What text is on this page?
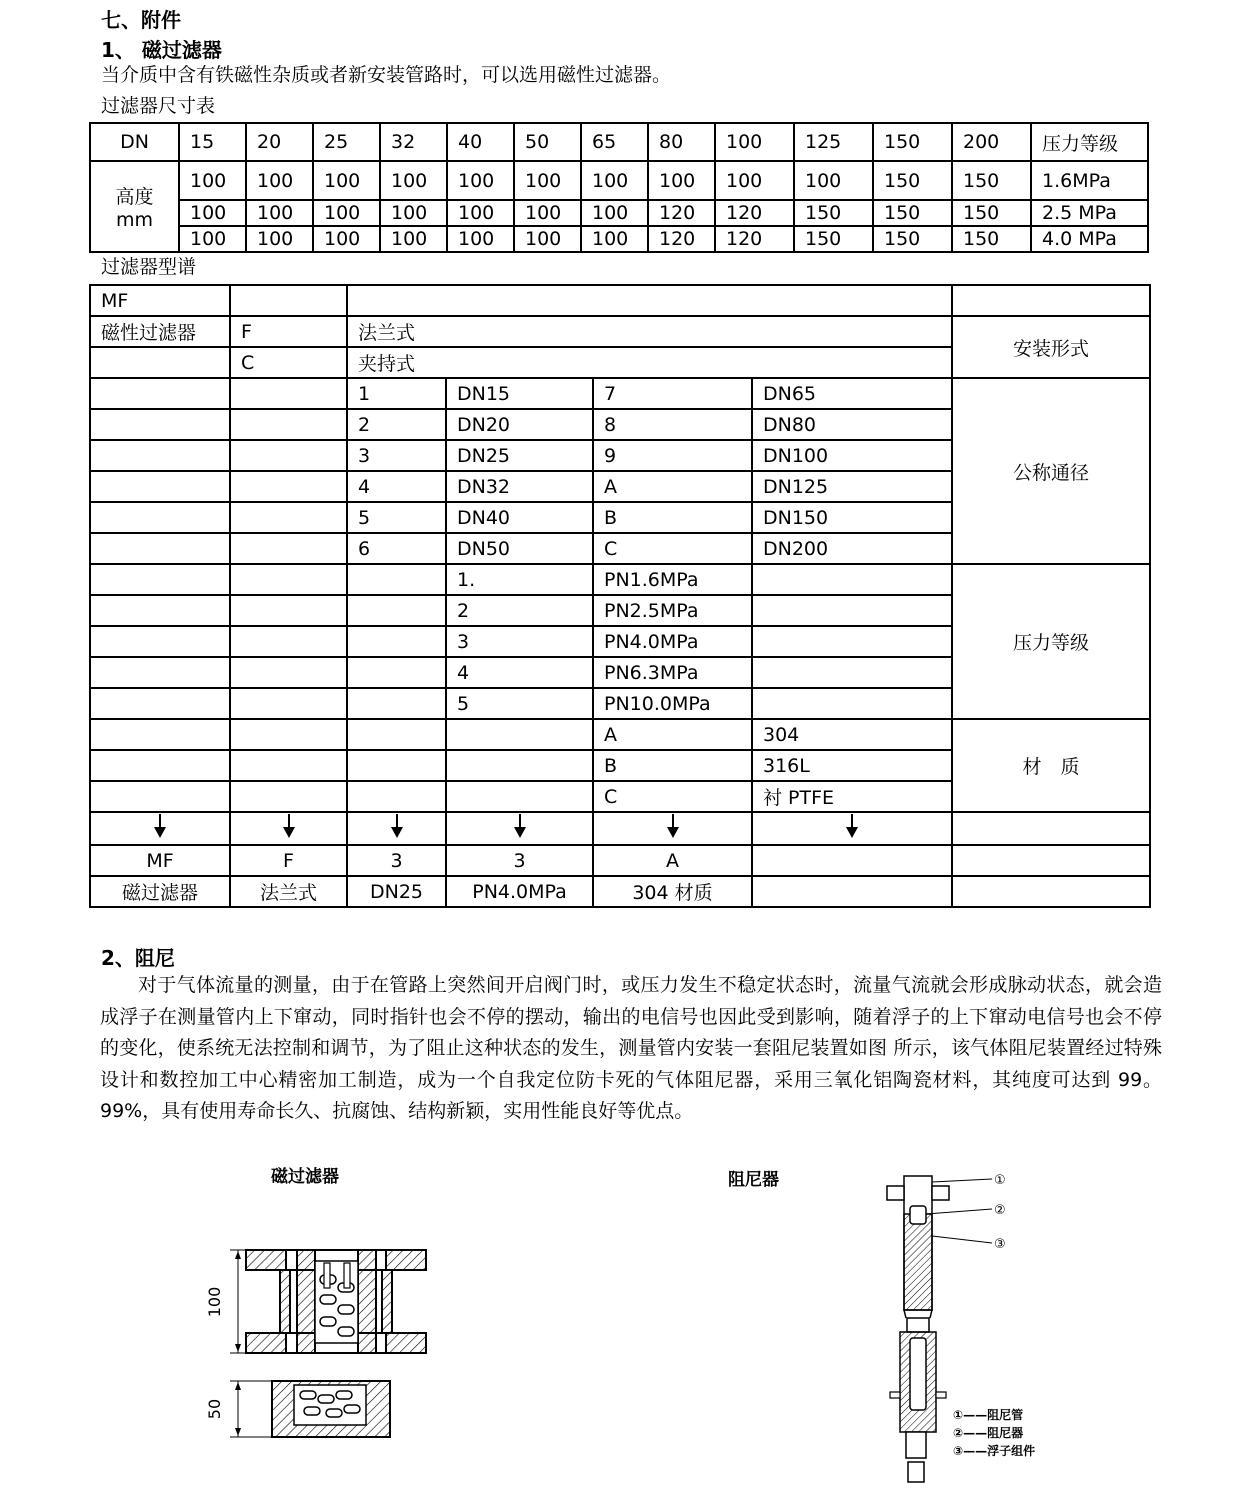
七、附件
1、 磁过滤器
当介质中含有铁磁性杂质或者新安装管路时，可以选用磁性过滤器。
过滤器尺寸表
DN	15	20	25	32	40	50	65	80	100	125	150	200	压力等级

高度
mm	100	100	100	100	100	100	100	100	100	100	150	150	1.6MPa
	100	100	100	100	100	100	100	120	120	150	150	150	2.5 MPa
	100	100	100	100	100	100	100	120	120	150	150	150	4.0 MPa
过滤器型谱
MF						
磁性过滤器	F	法兰式				安装形式
	C	夹持式				
		1	DN15	7	DN65	公称通径
		2	DN20	8	DN80	
		3	DN25	9	DN100	
		4	DN32	A	DN125	
		5	DN40	B	DN150	
		6	DN50	C	DN200	
			1.	PN1.6MPa		压力等级
			2	PN2.5MPa		
			3	PN4.0MPa		
			4	PN6.3MPa		
			5	PN10.0MPa		
				A	304	材　质
				B	316L	
				C	衬 PTFE	

MF	F	3	3	A		
磁过滤器	法兰式	DN25	PN4.0MPa	304 材质		
2、阻尼
对于气体流量的测量，由于在管路上突然间开启阀门时，或压力发生不稳定状态时，流量气流就会形成脉动状态，就会造成浮子在测量管内上下窜动，同时指针也会不停的摆动，输出的电信号也因此受到影响，随着浮子的上下窜动电信号也会不停的变化，使系统无法控制和调节，为了阻止这种状态的发生，测量管内安装一套阻尼装置如图 所示，该气体阻尼装置经过特殊设计和数控加工中心精密加工制造，成为一个自我定位防卡死的气体阻尼器，采用三氧化铝陶瓷材料，其纯度可达到 99。99%，具有使用寿命长久、抗腐蚀、结构新颖，实用性能良好等优点。
磁过滤器	阻尼器
100
50
①
②
③
①——阻尼管
②——阻尼器
③——浮子组件
